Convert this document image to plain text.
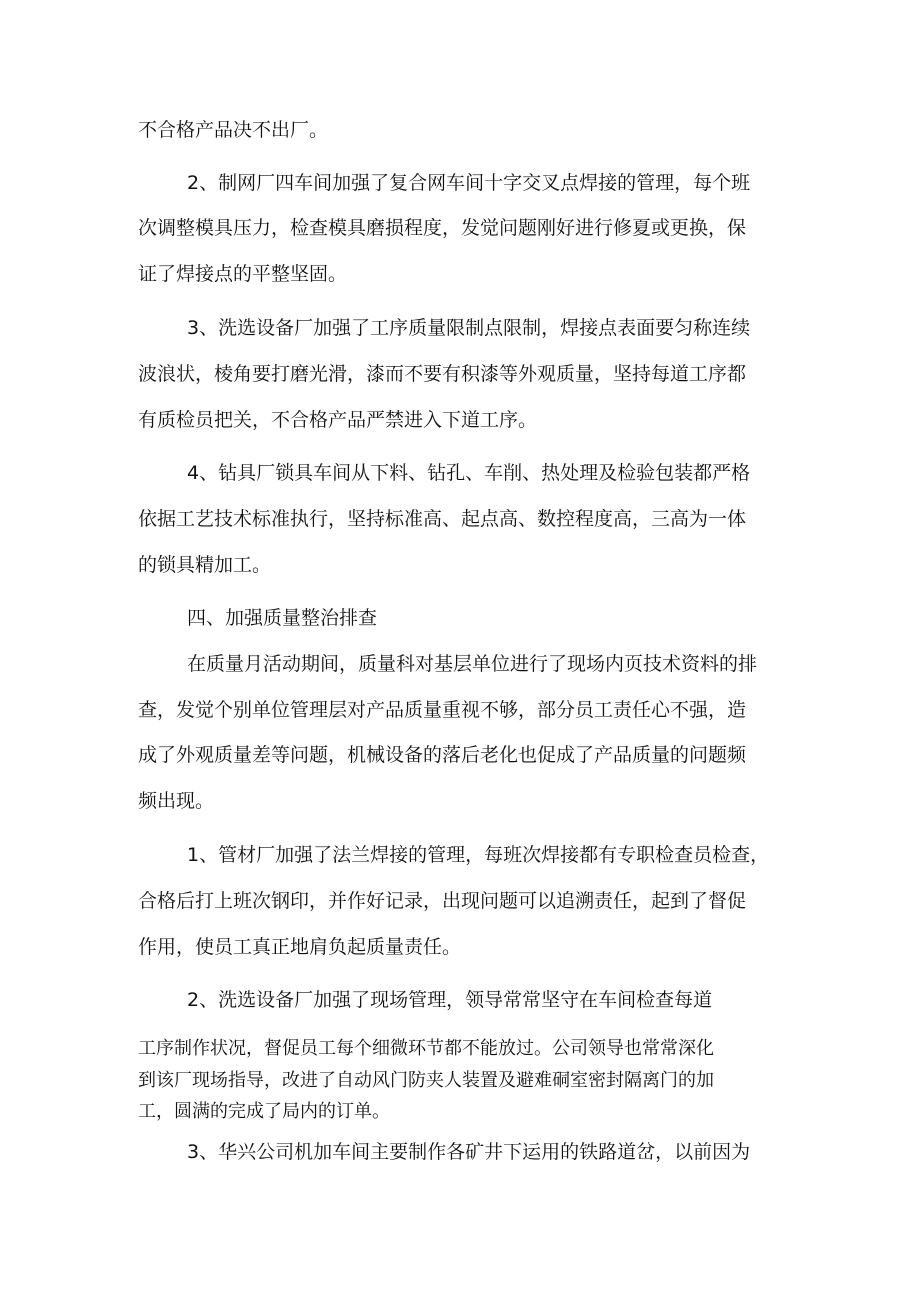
不合格产品决不出厂。

2、制网厂四车间加强了复合网车间十字交叉点焊接的管理，每个班

次调整模具压力，检查模具磨损程度，发觉问题刚好进行修夏或更换，保

证了焊接点的平整坚固。

3、洗选设备厂加强了工序质量限制点限制，焊接点表面要匀称连续

波浪状，棱角要打磨光滑，漆而不要有积漆等外观质量，坚持每道工序都

有质检员把关，不合格产品严禁进入下道工序。

4、钻具厂锁具车间从下料、钻孔、车削、热处理及检验包装都严格

依据工艺技术标准执行，坚持标准高、起点高、数控程度高，三高为一体

的锁具精加工。

四、加强质量整治排查

在质量月活动期间，质量科对基层单位进行了现场内页技术资料的排

查，发觉个别单位管理层对产品质量重视不够，部分员工责任心不强，造

成了外观质量差等问题，机械设备的落后老化也促成了产品质量的问题频

频出现。

1、管材厂加强了法兰焊接的管理，每班次焊接都有专职检查员检查，

合格后打上班次钢印，并作好记录，出现问题可以追溯责任，起到了督促

作用，使员工真正地肩负起质量责任。

2、洗选设备厂加强了现场管理，领导常常坚守在车间检查每道

工序制作状况，督促员工每个细微环节都不能放过。公司领导也常常深化

到该厂现场指导，改进了自动风门防夹人装置及避难硐室密封隔离门的加

工，圆满的完成了局内的订单。

3、华兴公司机加车间主要制作各矿井下运用的铁路道岔，以前因为
